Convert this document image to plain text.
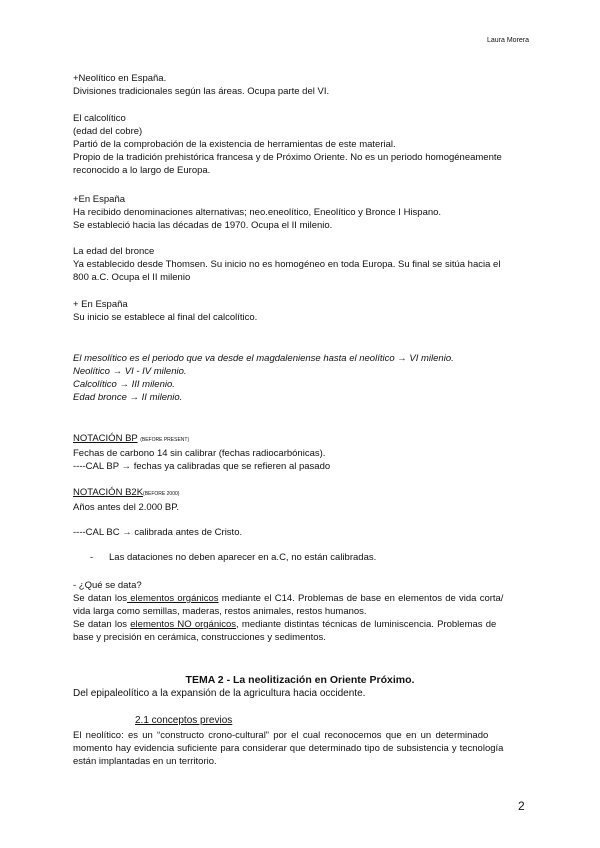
Laura Morera
+Neolítico en España.
Divisiones tradicionales según las áreas. Ocupa parte del VI.
El calcolítico
(edad del cobre)
Partió de la comprobación de la existencia de herramientas de este material.
Propio de la tradición prehistórica francesa y de Próximo Oriente. No es un periodo homogéneamente
reconocido a lo largo de Europa.
+En España
Ha recibido denominaciones alternativas; neo.eneolítico, Eneolítico y Bronce I Hispano.
Se estableció hacia las décadas de 1970. Ocupa el II milenio.
La edad del bronce
Ya establecido desde Thomsen. Su inicio no es homogéneo en toda Europa. Su final se sitúa hacia el
800 a.C. Ocupa el II milenio
+ En España
Su inicio se establece al final del calcolítico.
El mesolítico es el periodo que va desde el magdaleniense hasta el neolítico → VI milenio.
Neolítico → VI - IV milenio.
Calcolítico → III milenio.
Edad bronce → II milenio.
NOTACIÓN BP (BEFORE PRESENT)
Fechas de carbono 14 sin calibrar (fechas radiocarbónicas).
----CAL BP → fechas ya calibradas que se refieren al pasado
NOTACIÓN B2K(BEFORE 2000)
Años antes del 2.000 BP.
----CAL BC → calibrada antes de Cristo.
- Las dataciones no deben aparecer en a.C, no están calibradas.
- ¿Qué se data?
Se datan los elementos orgánicos mediante el C14. Problemas de base en elementos de vida corta/
vida larga como semillas, maderas, restos animales, restos humanos.
Se datan los elementos NO orgánicos, mediante distintas técnicas de luminiscencia. Problemas de
base y precisión en cerámica, construcciones y sedimentos.
TEMA 2 - La neolitización en Oriente Próximo.
Del epipaleolítico a la expansión de la agricultura hacia occidente.
2.1 conceptos previos
El neolítico: es un “constructo crono-cultural” por el cual reconocemos que en un determinado
momento hay evidencia suficiente para considerar que determinado tipo de subsistencia y tecnología
están implantadas en un territorio.
2
